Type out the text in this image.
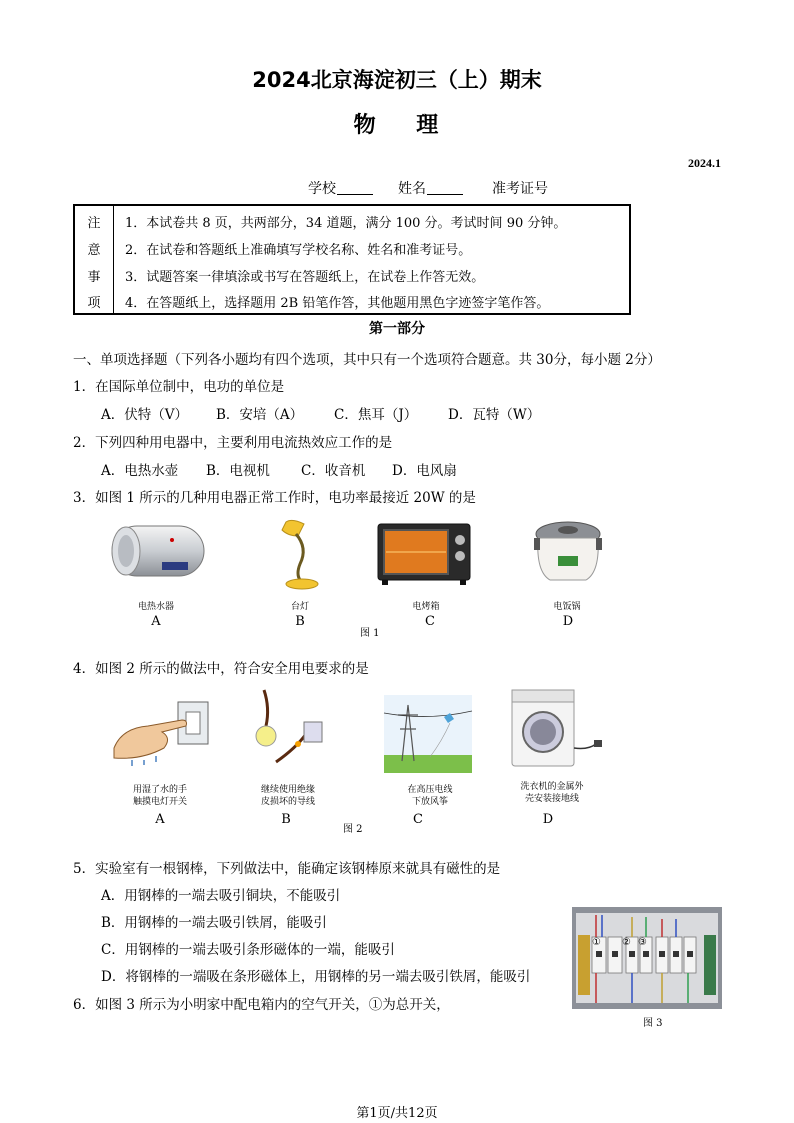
2024北京海淀初三（上）期末
物    理
2024.1
学校	姓名	准考证号
注
意
事
项
1．本试卷共 8 页，共两部分，34 道题，满分 100 分。考试时间 90 分钟。
2．在试卷和答题纸上准确填写学校名称、姓名和准考证号。
3．试题答案一律填涂或书写在答题纸上，在试卷上作答无效。
4．在答题纸上，选择题用 2B 铅笔作答，其他题用黑色字迹签字笔作答。
第一部分
一、单项选择题（下列各小题均有四个选项，其中只有一个选项符合题意。共 30分，每小题 2分）
1．在国际单位制中，电功的单位是
A．伏特（V） B．安培（A） C．焦耳（J） D．瓦特（W）
2．下列四种用电器中，主要利用电流热效应工作的是
A．电热水壶 B．电视机 C．收音机 D．电风扇
3．如图 1 所示的几种用电器正常工作时，电功率最接近 20W 的是
电热水器
A
台灯
B
电烤箱
C
图 1
电饭锅
D
4．如图 2 所示的做法中，符合安全用电要求的是
用湿了水的手
触摸电灯开关
A
继续使用绝缘
皮损坏的导线
B
图 2
在高压电线
下放风筝
C
洗衣机的金属外
壳安装接地线
D
5．实验室有一根钢棒，下列做法中，能确定该钢棒原来就具有磁性的是
A．用钢棒的一端去吸引铜块，不能吸引
B．用钢棒的一端去吸引铁屑，能吸引
C．用钢棒的一端去吸引条形磁体的一端，能吸引
D．将钢棒的一端吸在条形磁体上，用钢棒的另一端去吸引铁屑，能吸引
6．如图 3 所示为小明家中配电箱内的空气开关，①为总开关，
① ② ③
图 3
第1页/共12页
